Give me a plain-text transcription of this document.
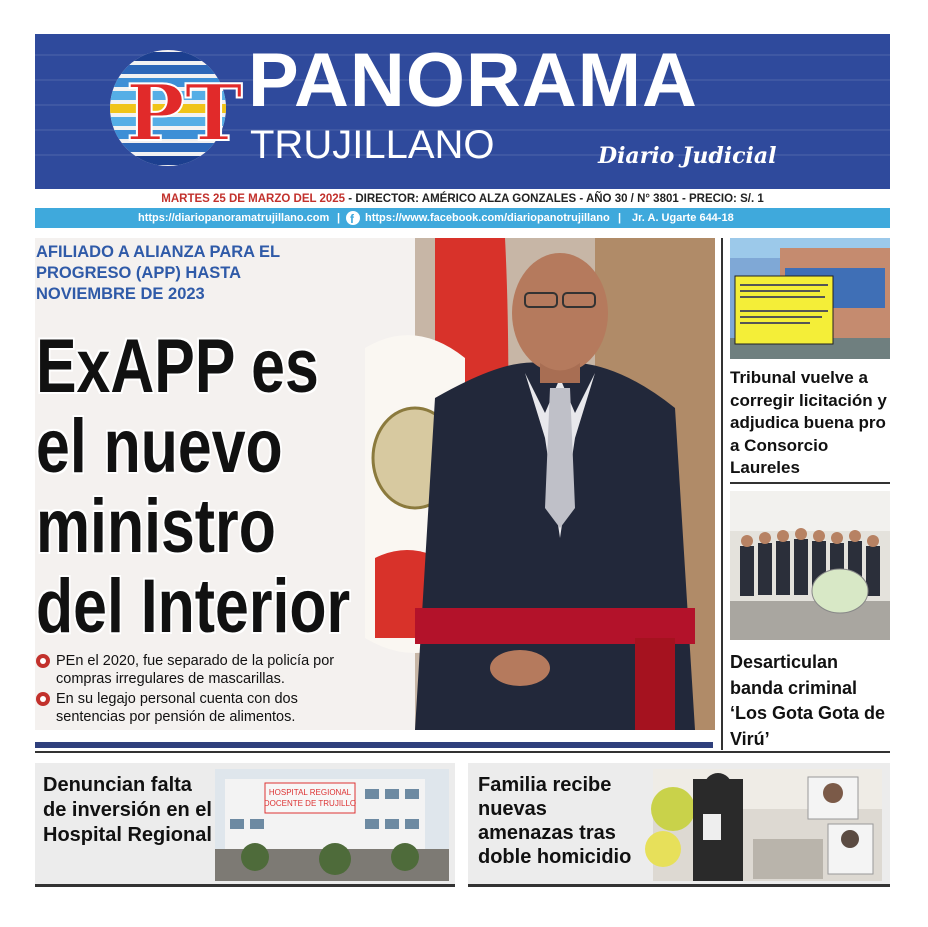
PT PANORAMA
TRUJILLANO	Diario Judicial
MARTES 25 DE MARZO DEL 2025 - DIRECTOR: AMÉRICO ALZA GONZALES - AÑO 30 / N° 3801 - PRECIO: S/. 1
https://diariopanoramatrujillano.com | f https://www.facebook.com/diariopanotrujillano | Jr. A. Ugarte 644-18
AFILIADO A ALIANZA PARA EL PROGRESO (APP) HASTA NOVIEMBRE DE 2023
ExAPP es
el nuevo
ministro
del Interior
PEn el 2020, fue separado de la policía por compras irregulares de mascarillas.
En su legajo personal cuenta con dos sentencias por pensión de alimentos.
Tribunal vuelve a corregir licitación y adjudica buena pro a Consorcio Laureles
Desarticulan banda criminal ‘Los Gota Gota de Virú’
Denuncian falta de inversión en el Hospital Regional
HOSPITAL REGIONAL
DOCENTE DE TRUJILLO
Familia recibe nuevas amenazas tras doble homicidio
